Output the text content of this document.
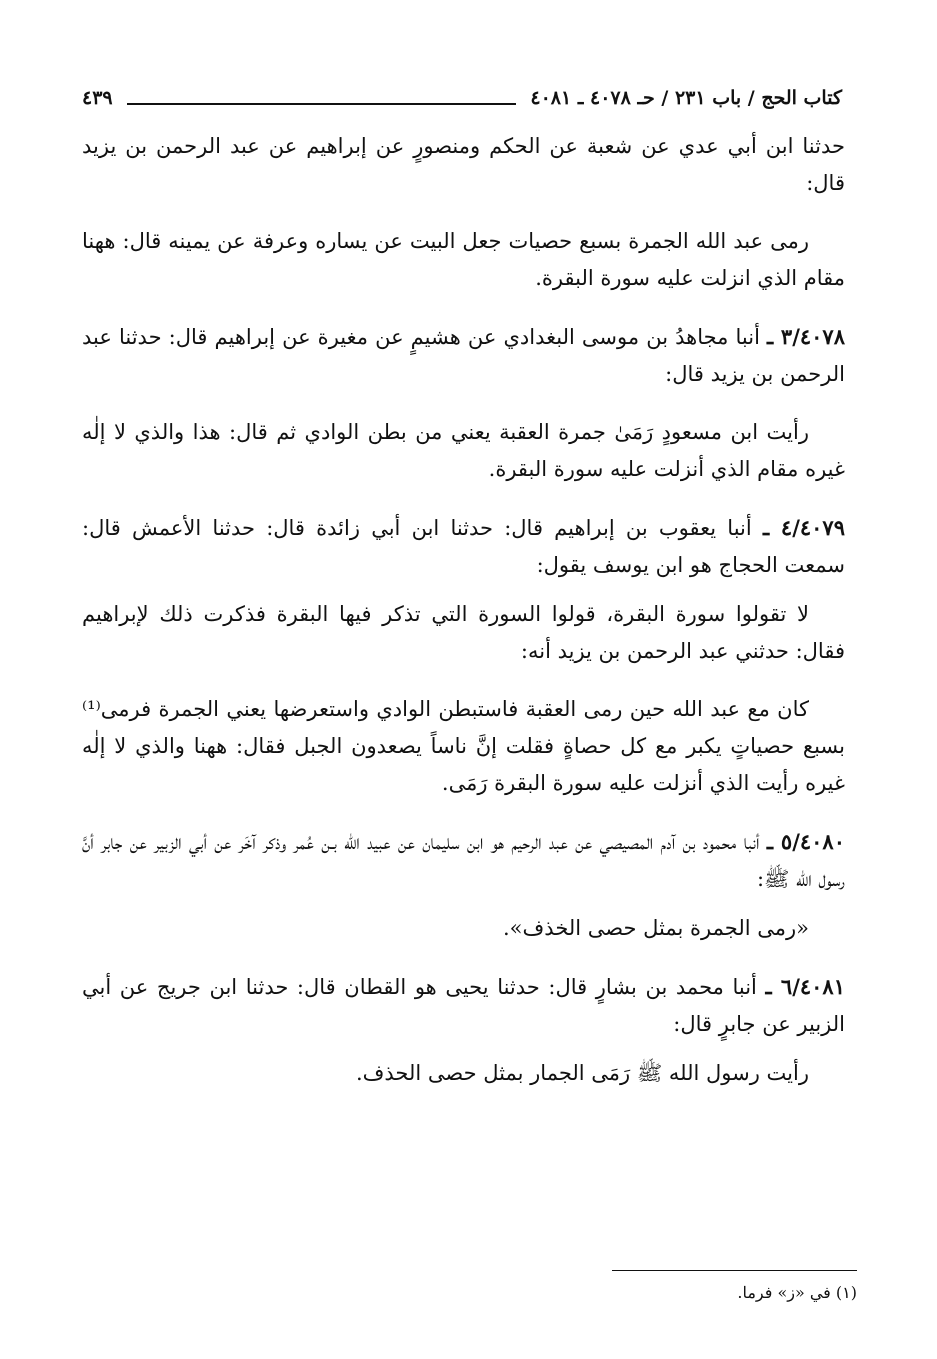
كتاب الحج / باب ٢٣١ / حـ ٤٠٧٨ ـ ٤٠٨١
٤٣٩

حدثنا ابن أبي عدي عن شعبة عن الحكم ومنصورٍ عن إبراهيم عن عبد الرحمن بن يزيد قال:

رمى عبد الله الجمرة بسبع حصيات جعل البيت عن يساره وعرفة عن يمينه قال: ههنا مقام الذي انزلت عليه سورة البقرة.

٣/٤٠٧٨ ـ أنبا مجاهدُ بن موسى البغدادي عن هشيمٍ عن مغيرة عن إبراهيم قال: حدثنا عبد الرحمن بن يزيد قال:

رأيت ابن مسعودٍ رَمَىٰ جمرة العقبة يعني من بطن الوادي ثم قال: هذا والذي لا إلٰه غيره مقام الذي أنزلت عليه سورة البقرة.

٤/٤٠٧٩ ـ أنبا يعقوب بن إبراهيم قال: حدثنا ابن أبي زائدة قال: حدثنا الأعمش قال: سمعت الحجاج هو ابن يوسف يقول:

لا تقولوا سورة البقرة، قولوا السورة التي تذكر فيها البقرة فذكرت ذلك لإبراهيم فقال: حدثني عبد الرحمن بن يزيد أنه:

كان مع عبد الله حين رمى العقبة فاستبطن الوادي واستعرضها يعني الجمرة فرمى⁽¹⁾ بسبع حصياتٍ يكبر مع كل حصاةٍ فقلت إنَّ ناساً يصعدون الجبل فقال: ههنا والذي لا إلٰه غيره رأيت الذي أنزلت عليه سورة البقرة رَمَى.

٥/٤٠٨٠ ـ أنبا محمود بن آدم المصيصي عن عبد الرحيم هو ابن سليمان عن عبيد الله بـن عُمر وذكر آخَر عن أبي الزبير عن جابر أنَّ رسول الله ﷺ:

«رمى الجمرة بمثل حصى الخذف».

٦/٤٠٨١ ـ أنبا محمد بن بشارٍ قال: حدثنا يحيى هو القطان قال: حدثنا ابن جريج عن أبي الزبير عن جابرٍ قال:

رأيت رسول الله ﷺ رَمَى الجمار بمثل حصى الحذف.

(١) في «ز» فرما.
